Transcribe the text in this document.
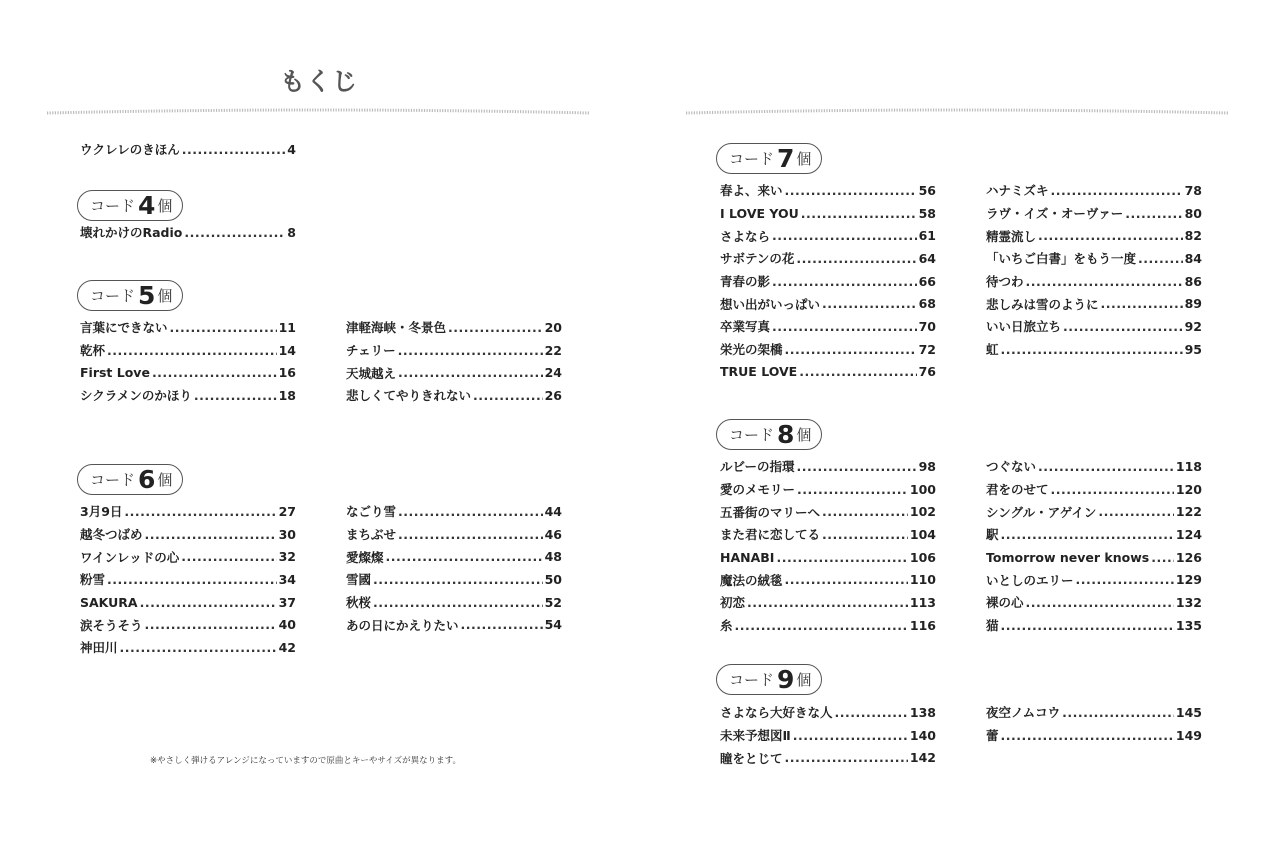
もくじ
ウクレレのきほん .....	4
コード 4 個
壊れかけのRadio .....	8
コード 5 個
言葉にできない .....	11
乾杯 .....	14
First Love .....	16
シクラメンのかほり .....	18
津軽海峡・冬景色 .....	20
チェリー .....	22
天城越え .....	24
悲しくてやりきれない .....	26
コード 6 個
3月9日 .....	27
越冬つばめ .....	30
ワインレッドの心 .....	32
粉雪 .....	34
SAKURA .....	37
涙そうそう .....	40
神田川 .....	42
なごり雪 .....	44
まちぶせ .....	46
愛燦燦 .....	48
雪國 .....	50
秋桜 .....	52
あの日にかえりたい .....	54
※やさしく弾けるアレンジになっていますので原曲とキーやサイズが異なります。
コード 7 個
春よ、来い .....	56
I LOVE YOU .....	58
さよなら .....	61
サボテンの花 .....	64
青春の影 .....	66
想い出がいっぱい .....	68
卒業写真 .....	70
栄光の架橋 .....	72
TRUE LOVE .....	76
ハナミズキ .....	78
ラヴ・イズ・オーヴァー .....	80
精霊流し .....	82
「いちご白書」をもう一度 .....	84
待つわ .....	86
悲しみは雪のように .....	89
いい日旅立ち .....	92
虹 .....	95
コード 8 個
ルビーの指環 .....	98
愛のメモリー .....	100
五番街のマリーへ .....	102
また君に恋してる .....	104
HANABI .....	106
魔法の絨毯 .....	110
初恋 .....	113
糸 .....	116
つぐない .....	118
君をのせて .....	120
シングル・アゲイン .....	122
駅 .....	124
Tomorrow never knows ..... 126
いとしのエリー .....	129
裸の心 .....	132
猫 .....	135
コード 9 個
さよなら大好きな人 .....	138
未来予想図Ⅱ .....	140
瞳をとじて .....	142
夜空ノムコウ .....	145
蕾 .....	149
